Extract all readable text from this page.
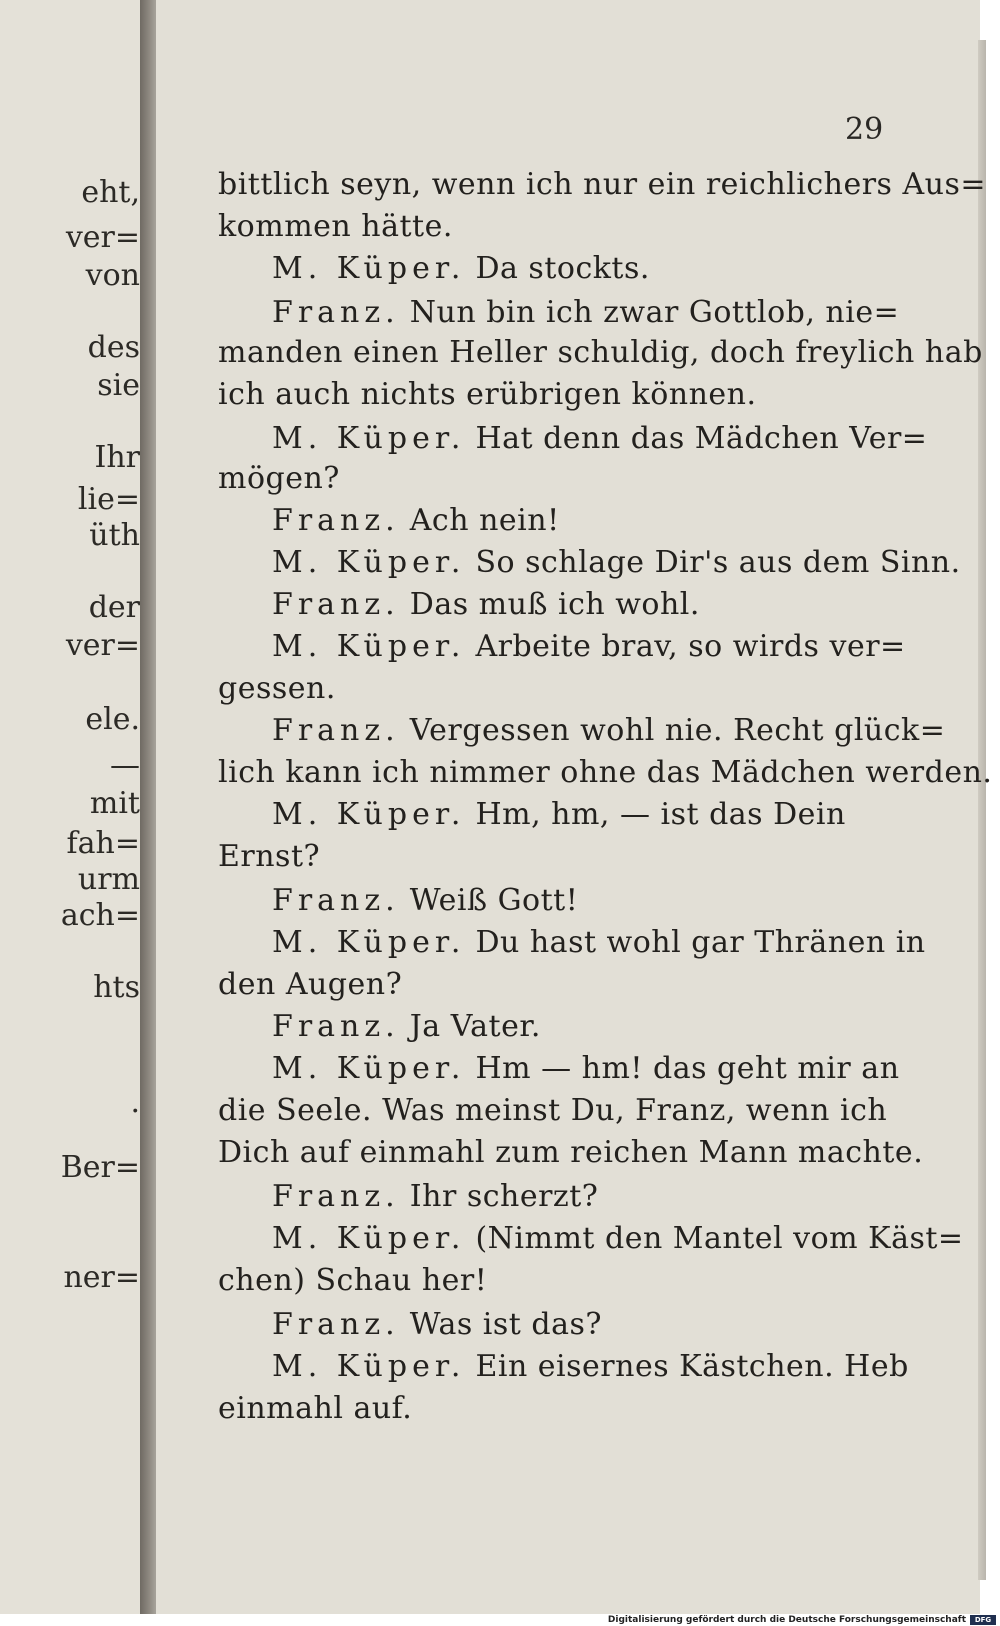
eht,
ver=
von
des
sie
Ihr
lie=
üth
der
ver=
ele.
—
mit
fah=
urm
ach=
hts
.
Ber=
ner=
29
bittlich seyn, wenn ich nur ein reichlichers Aus=
kommen hätte.
M. Küper. Da stockts.
Franz. Nun bin ich zwar Gottlob, nie=
manden einen Heller schuldig, doch freylich hab
ich auch nichts erübrigen können.
M. Küper. Hat denn das Mädchen Ver=
mögen?
Franz. Ach nein!
M. Küper. So schlage Dir's aus dem Sinn.
Franz. Das muß ich wohl.
M. Küper. Arbeite brav, so wirds ver=
gessen.
Franz. Vergessen wohl nie. Recht glück=
lich kann ich nimmer ohne das Mädchen werden.
M. Küper. Hm, hm, — ist das Dein
Ernst?
Franz. Weiß Gott!
M. Küper. Du hast wohl gar Thränen in
den Augen?
Franz. Ja Vater.
M. Küper. Hm — hm! das geht mir an
die Seele. Was meinst Du, Franz, wenn ich
Dich auf einmahl zum reichen Mann machte.
Franz. Ihr scherzt?
M. Küper. (Nimmt den Mantel vom Käst=
chen) Schau her!
Franz. Was ist das?
M. Küper. Ein eisernes Kästchen. Heb
einmahl auf.
Digitalisierung gefördert durch die Deutsche Forschungsgemeinschaft	DFG
